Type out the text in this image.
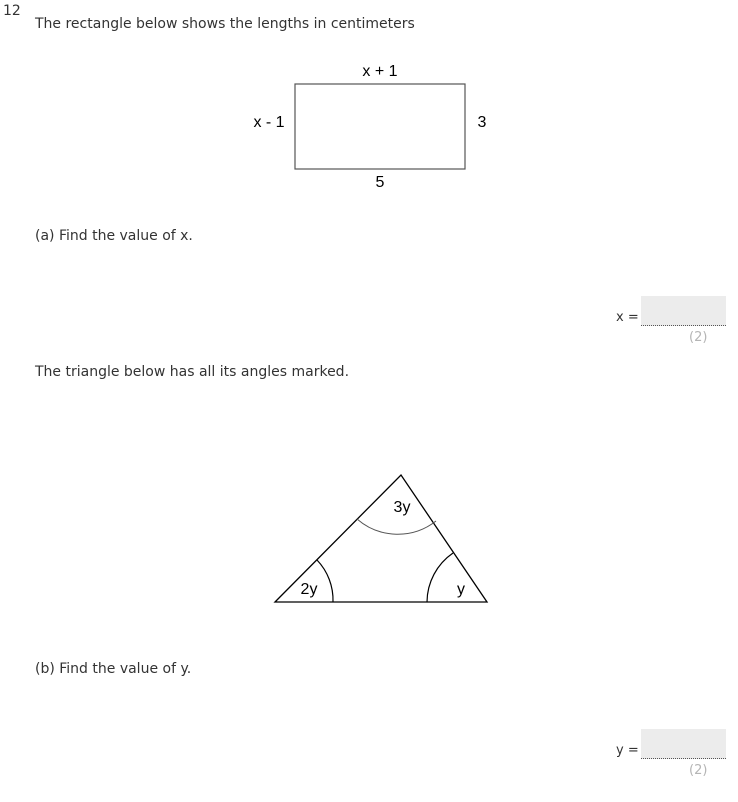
12
The rectangle below shows the lengths in centimeters
x + 1
x - 1	3
5
(a) Find the value of x.
x =
(2)
The triangle below has all its angles marked.
3y
2y	y
(b) Find the value of y.
y =
(2)
